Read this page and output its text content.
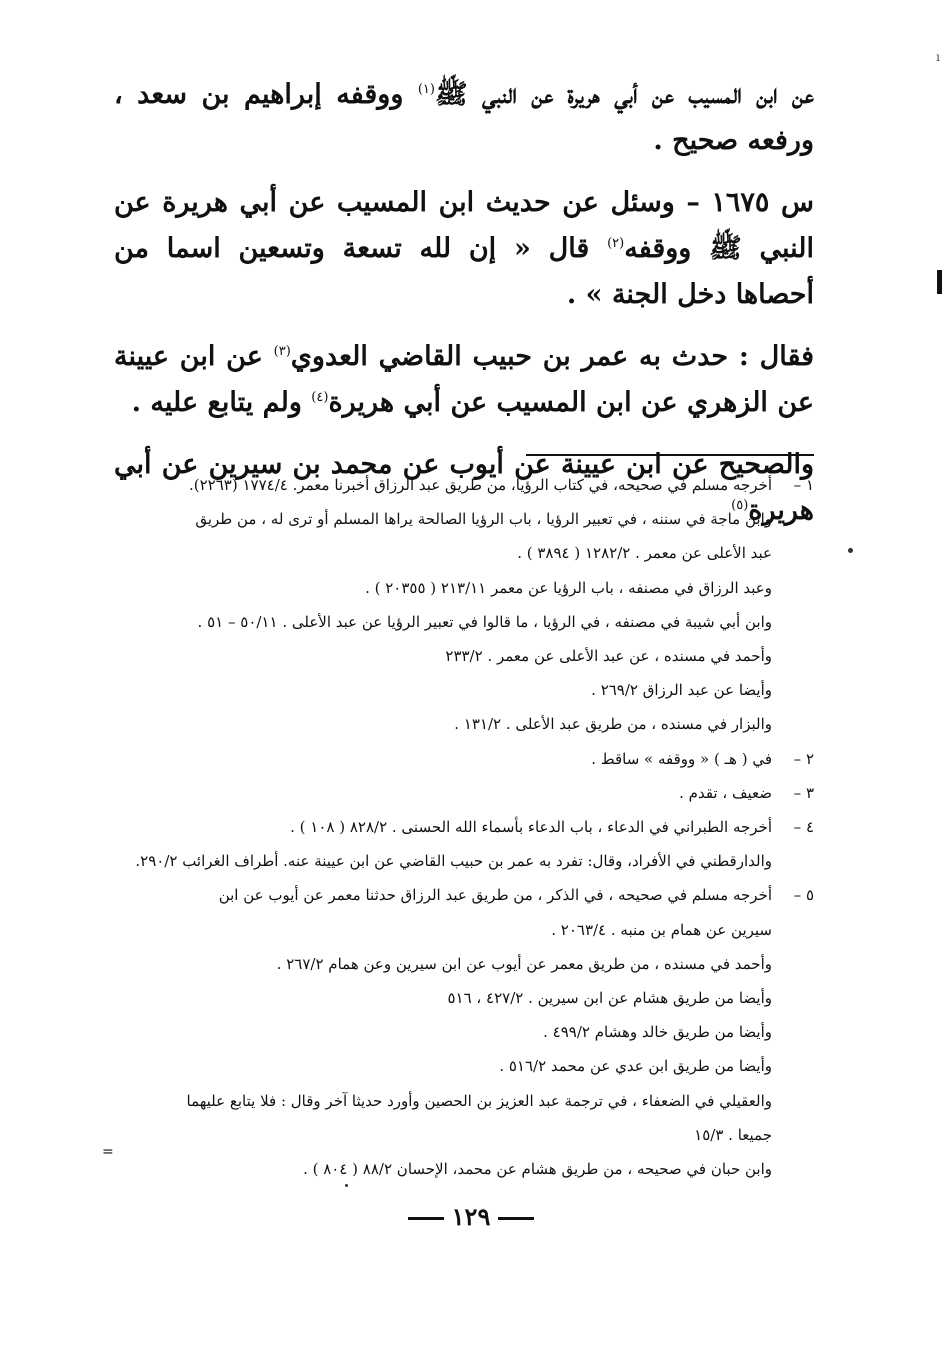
ı

عن ابن المسيب عن أبي هريرة عن النبي ﷺ$^{(١)}$ ووقفه إبراهيم بن سعد ، ورفعه صحيح .

س ١٦٧٥ – وسئل عن حديث ابن المسيب عن أبي هريرة عن النبي ﷺ ووقفه$^{(٢)}$ قال « إن لله تسعة وتسعين اسما من أحصاها دخل الجنة » .

فقال : حدث به عمر بن حبيب القاضي العدوي$^{(٣)}$ عن ابن عيينة عن الزهري عن ابن المسيب عن أبي هريرة$^{(٤)}$ ولم يتابع عليه .

والصحيح عن ابن عيينة عن أيوب عن محمد بن سيرين عن أبي هريرة$^{(٥)}$

١ –
أخرجه مسلم في صحيحه، في كتاب الرؤيا، من طريق عبد الرزاق أخبرنا معمر. ١٧٧٤/٤ (٢٢٦٣).
وابن ماجة في سننه ، في تعبير الرؤيا ، باب الرؤيا الصالحة يراها المسلم أو ترى له ، من طريق
عبد الأعلى عن معمر . ١٢٨٢/٢ ( ٣٨٩٤ ) .
وعبد الرزاق في مصنفه ، باب الرؤيا عن معمر ٢١٣/١١ ( ٢٠٣٥٥ ) .
وابن أبي شيبة في مصنفه ، في الرؤيا ، ما قالوا في تعبير الرؤيا عن عبد الأعلى . ٥٠/١١ – ٥١ .
وأحمد في مسنده ، عن عبد الأعلى عن معمر . ٢٣٣/٢
وأيضا عن عبد الرزاق ٢٦٩/٢ .
والبزار في مسنده ، من طريق عبد الأعلى . ١٣١/٢ .
٢ –
في ( هـ ) « ووقفه » ساقط .
٣ –
ضعيف ، تقدم .
٤ –
أخرجه الطبراني في الدعاء ، باب الدعاء بأسماء الله الحسنى . ٨٢٨/٢ ( ١٠٨ ) .
والدارقطني في الأفراد، وقال: تفرد به عمر بن حبيب القاضي عن ابن عيينة عنه. أطراف الغرائب ٢٩٠/٢.
٥ –
أخرجه مسلم في صحيحه ، في الذكر ، من طريق عبد الرزاق حدثنا معمر عن أيوب عن ابن
سيرين عن همام بن منبه . ٢٠٦٣/٤ .
وأحمد في مسنده ، من طريق معمر عن أيوب عن ابن سيرين وعن همام ٢٦٧/٢ .
وأيضا من طريق هشام عن ابن سيرين . ٤٢٧/٢ ، ٥١٦
وأيضا من طريق خالد وهشام ٤٩٩/٢ .
وأيضا من طريق ابن عدي عن محمد ٥١٦/٢ .
والعقيلي في الضعفاء ، في ترجمة عبد العزيز بن الحصين وأورد حديثا آخر وقال : فلا يتابع عليهما
جميعا . ١٥/٣
وابن حبان في صحيحه ، من طريق هشام عن محمد، الإحسان ٨٨/٢ ( ٨٠٤ ) .
=
١٢٩
